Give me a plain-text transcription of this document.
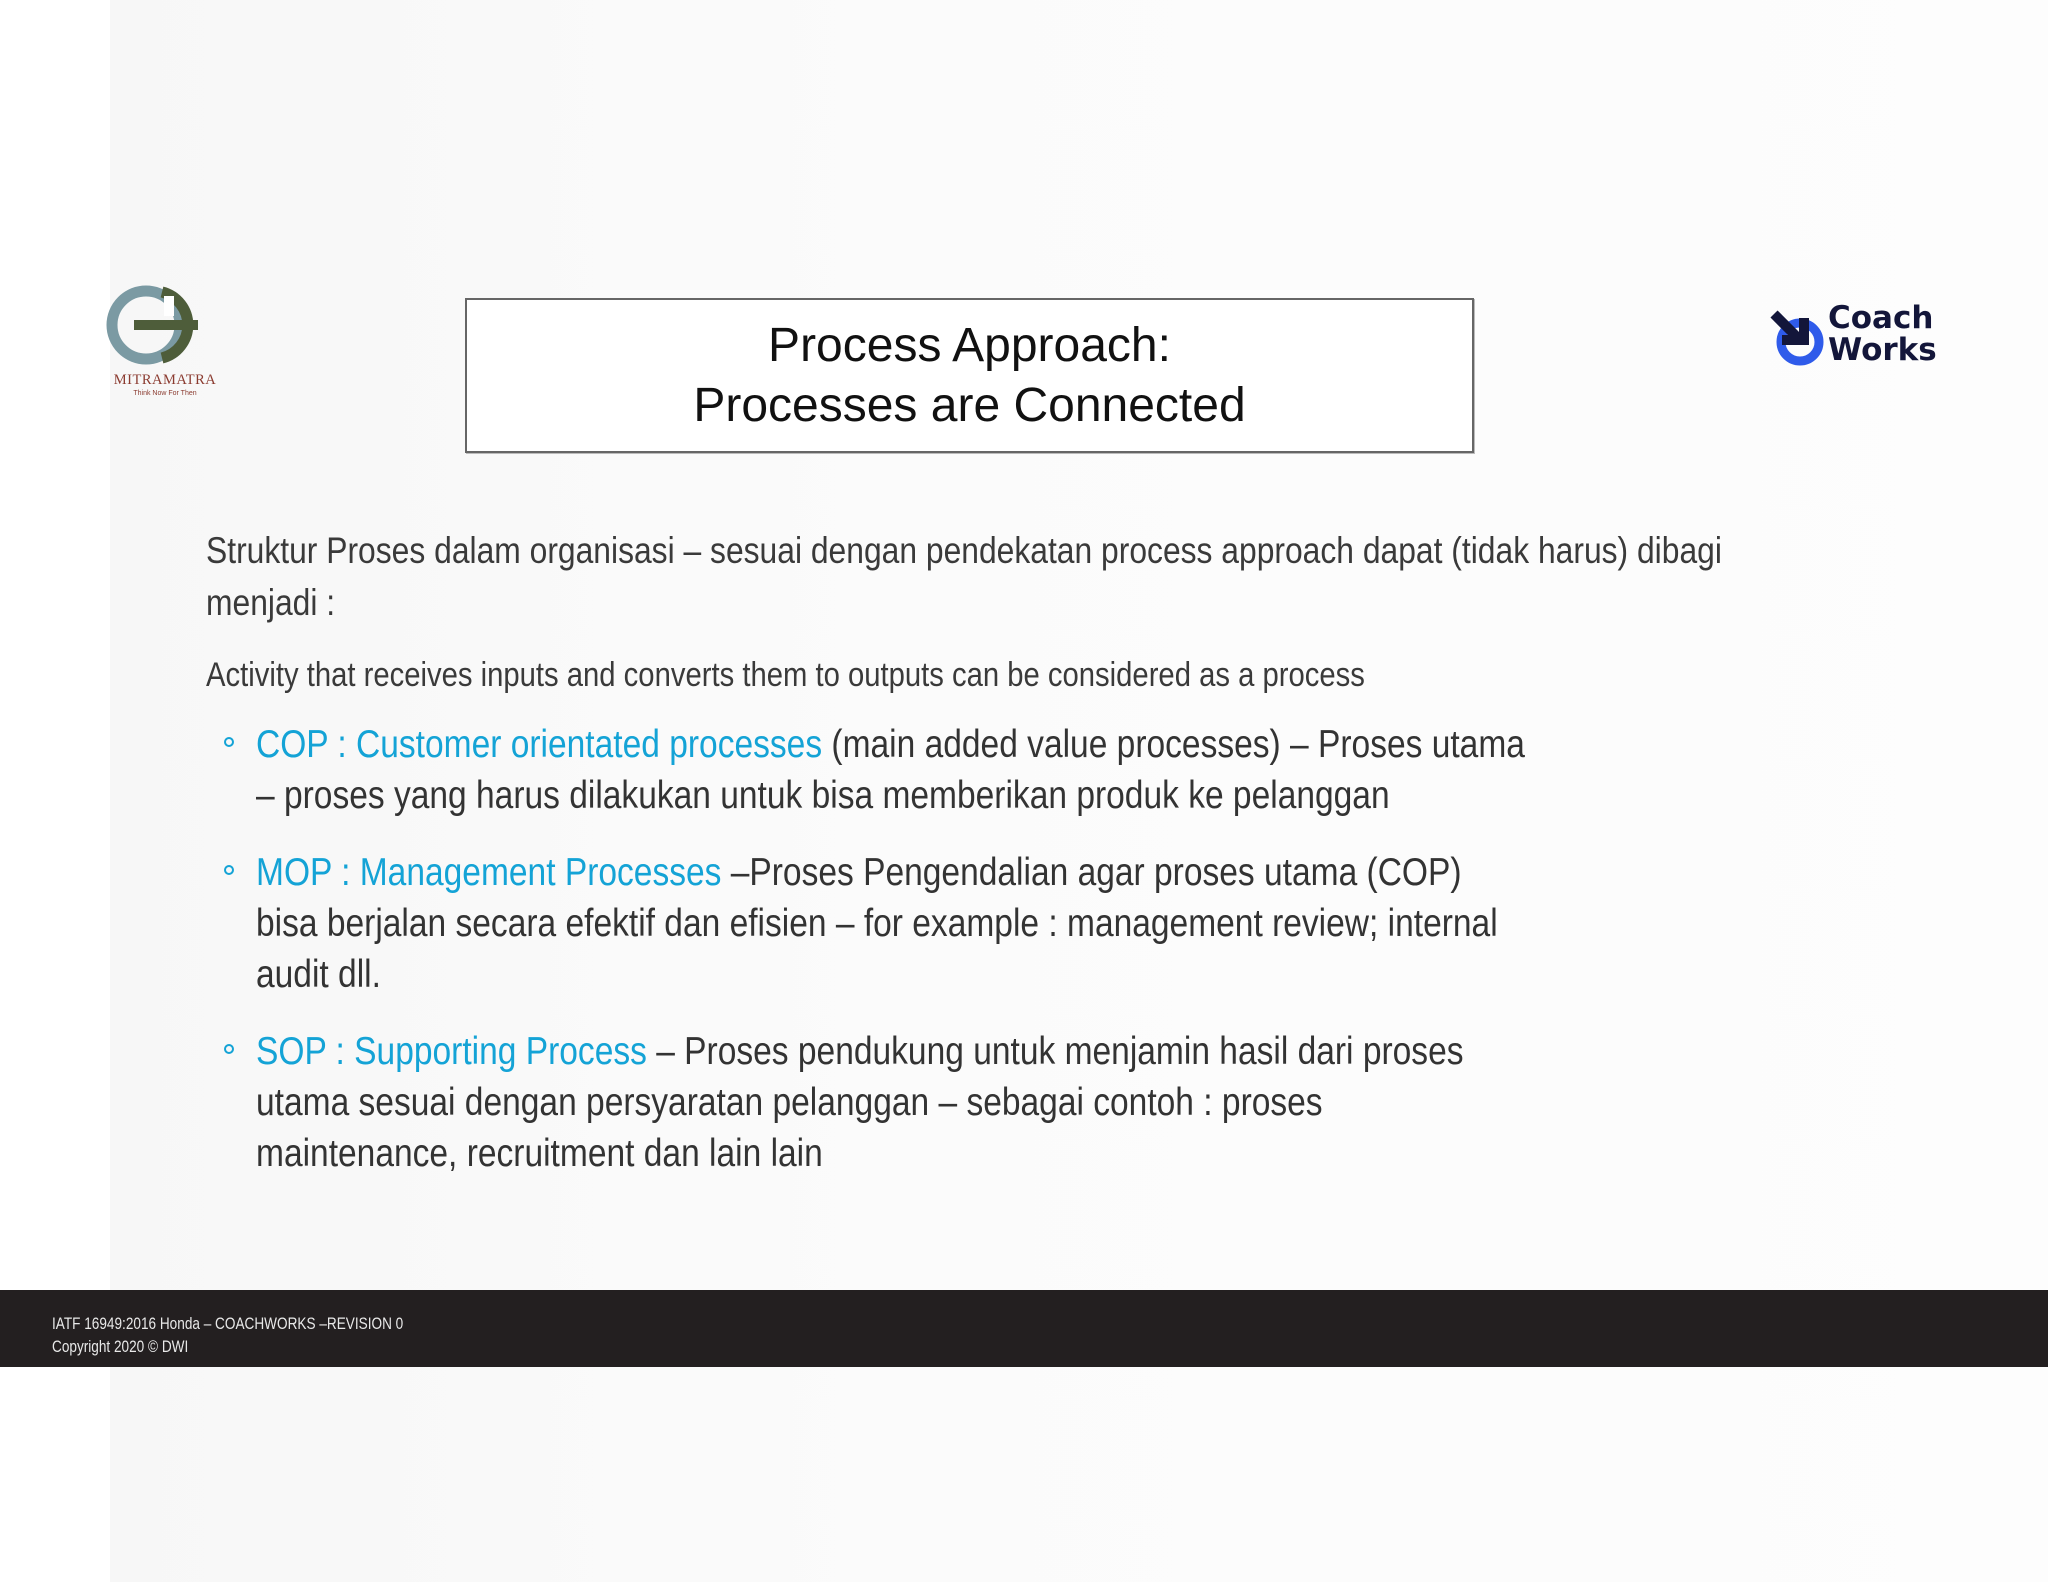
MITRAMATRA
Think Now For Then
Coach
Works
Process Approach:
Processes are Connected

Struktur Proses dalam organisasi – sesuai dengan pendekatan process approach dapat (tidak harus) dibagi menjadi :

Activity that receives inputs and converts them to outputs can be considered as a process

COP : Customer orientated processes (main added value processes) – Proses utama – proses yang harus dilakukan untuk bisa memberikan produk ke pelanggan
MOP : Management Processes –Proses Pengendalian agar proses utama (COP) bisa berjalan secara efektif dan efisien – for example : management review; internal audit dll.
SOP : Supporting Process – Proses pendukung untuk menjamin hasil dari proses utama sesuai dengan persyaratan pelanggan – sebagai contoh : proses maintenance, recruitment dan lain lain
IATF 16949:2016 Honda – COACHWORKS –REVISION 0
Copyright 2020 © DWI
